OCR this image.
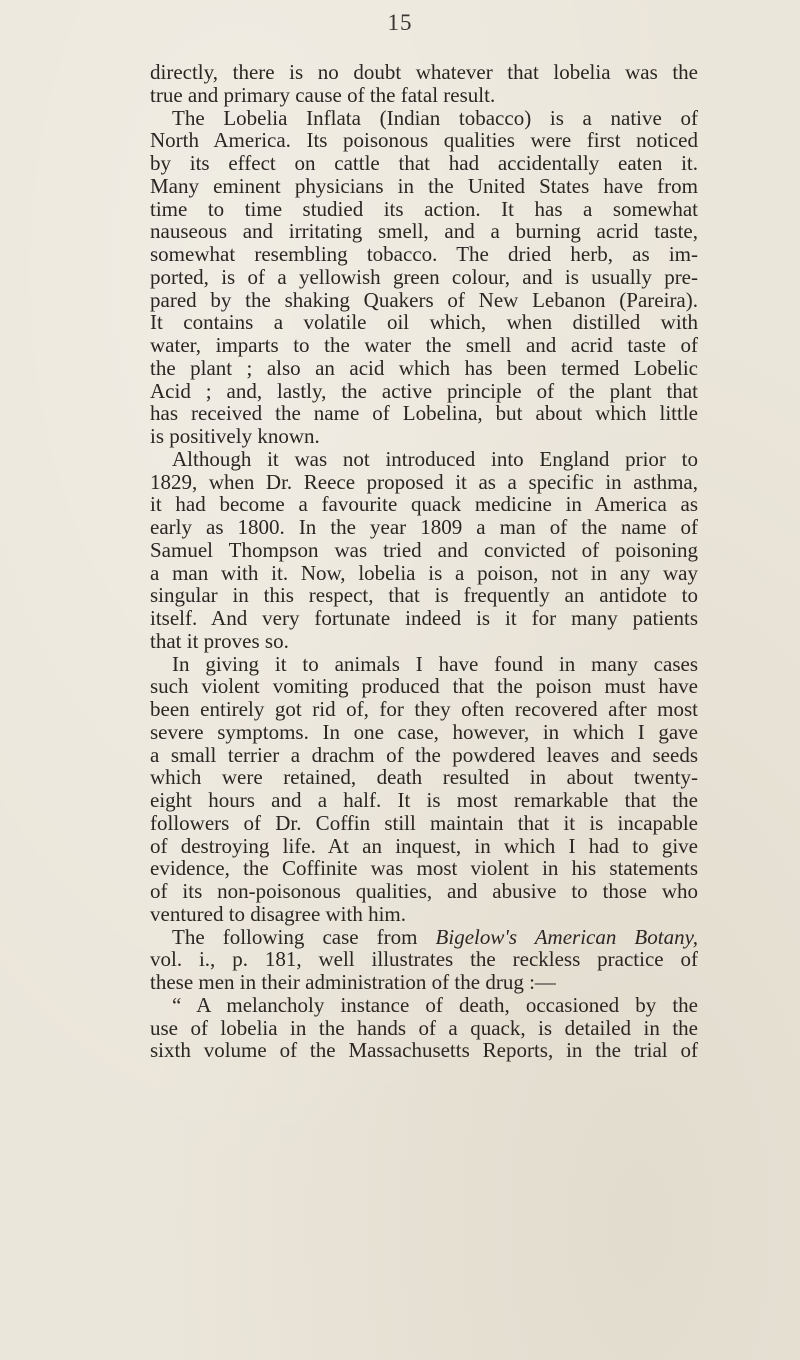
15
directly, there is no doubt whatever that lobelia was the
true and primary cause of the fatal result.
The Lobelia Inflata (Indian tobacco) is a native of
North America. Its poisonous qualities were first noticed
by its effect on cattle that had accidentally eaten it.
Many eminent physicians in the United States have from
time to time studied its action. It has a somewhat
nauseous and irritating smell, and a burning acrid taste,
somewhat resembling tobacco. The dried herb, as im-
ported, is of a yellowish green colour, and is usually pre-
pared by the shaking Quakers of New Lebanon (Pareira).
It contains a volatile oil which, when distilled with
water, imparts to the water the smell and acrid taste of
the plant ; also an acid which has been termed Lobelic
Acid ; and, lastly, the active principle of the plant that
has received the name of Lobelina, but about which little
is positively known.
Although it was not introduced into England prior to
1829, when Dr. Reece proposed it as a specific in asthma,
it had become a favourite quack medicine in America as
early as 1800. In the year 1809 a man of the name of
Samuel Thompson was tried and convicted of poisoning
a man with it. Now, lobelia is a poison, not in any way
singular in this respect, that is frequently an antidote to
itself. And very fortunate indeed is it for many patients
that it proves so.
In giving it to animals I have found in many cases
such violent vomiting produced that the poison must have
been entirely got rid of, for they often recovered after most
severe symptoms. In one case, however, in which I gave
a small terrier a drachm of the powdered leaves and seeds
which were retained, death resulted in about twenty-
eight hours and a half. It is most remarkable that the
followers of Dr. Coffin still maintain that it is incapable
of destroying life. At an inquest, in which I had to give
evidence, the Coffinite was most violent in his statements
of its non-poisonous qualities, and abusive to those who
ventured to disagree with him.
The following case from Bigelow's American Botany,
vol. i., p. 181, well illustrates the reckless practice of
these men in their administration of the drug :—
“ A melancholy instance of death, occasioned by the
use of lobelia in the hands of a quack, is detailed in the
sixth volume of the Massachusetts Reports, in the trial of
